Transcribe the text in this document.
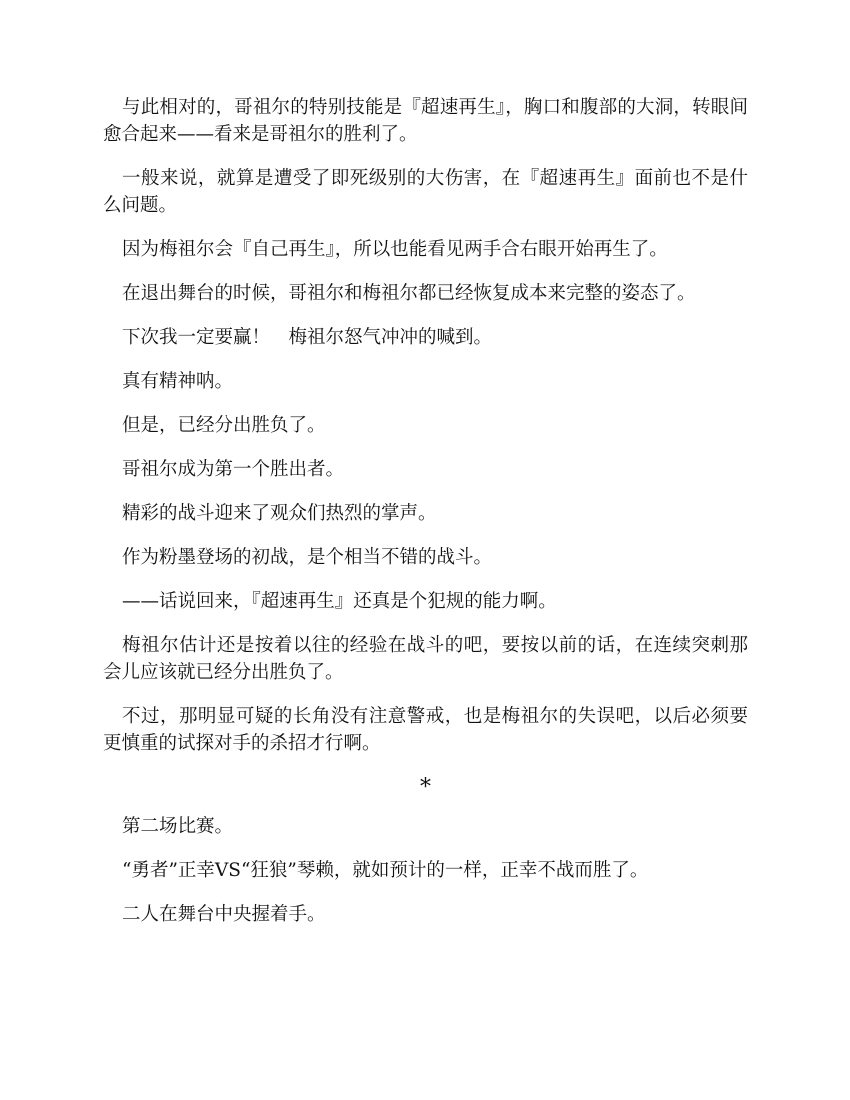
与此相对的，哥祖尔的特别技能是『超速再生』，胸口和腹部的大洞，转眼间愈合起来——看来是哥祖尔的胜利了。

一般来说，就算是遭受了即死级别的大伤害，在『超速再生』面前也不是什么问题。

因为梅祖尔会『自己再生』，所以也能看见两手合右眼开始再生了。

在退出舞台的时候，哥祖尔和梅祖尔都已经恢复成本来完整的姿态了。

下次我一定要赢！　梅祖尔怒气冲冲的喊到。

真有精神呐。

但是，已经分出胜负了。

哥祖尔成为第一个胜出者。

精彩的战斗迎来了观众们热烈的掌声。

作为粉墨登场的初战，是个相当不错的战斗。

——话说回来，『超速再生』还真是个犯规的能力啊。

梅祖尔估计还是按着以往的经验在战斗的吧，要按以前的话，在连续突刺那会儿应该就已经分出胜负了。

不过，那明显可疑的长角没有注意警戒，也是梅祖尔的失误吧，以后必须要更慎重的试探对手的杀招才行啊。

*

第二场比赛。

“勇者”正幸VS“狂狼”琴赖，就如预计的一样，正幸不战而胜了。

二人在舞台中央握着手。
